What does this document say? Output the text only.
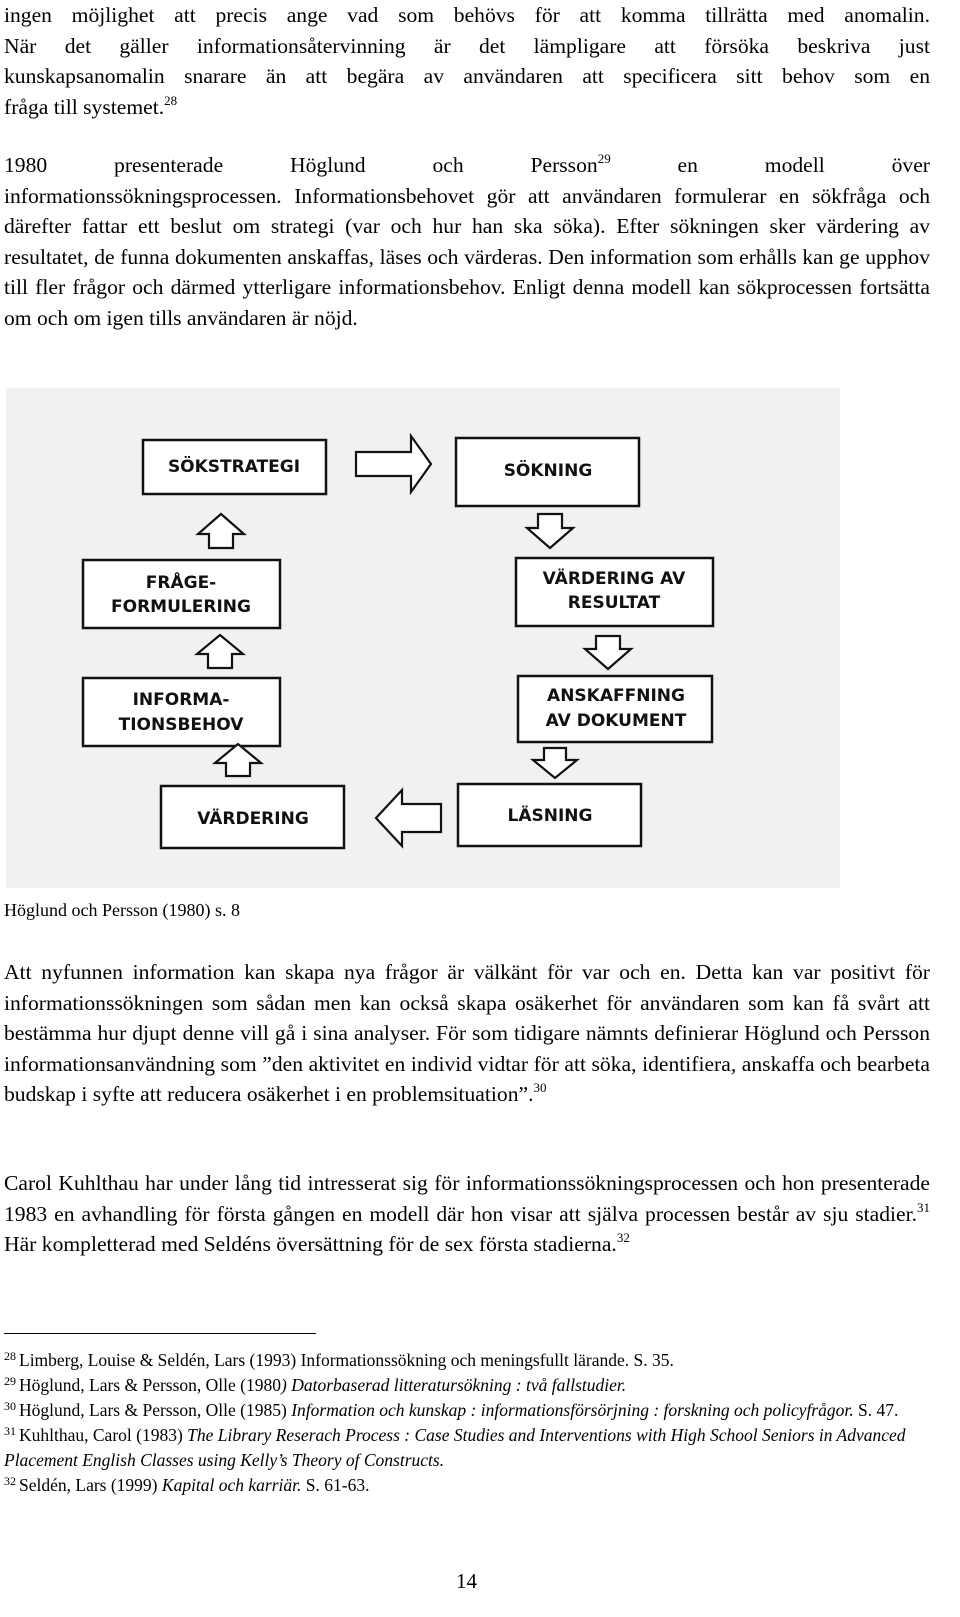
ingen möjlighet att precis ange vad som behövs för att komma tillrätta med anomalin.
När det gäller informationsåtervinning är det lämpligare att försöka beskriva just
kunskapsanomalin snarare än att begära av användaren att specificera sitt behov som en
fråga till systemet.$^{28}$
1980 presenterade Höglund och Persson$^{29}$ en modell över
informationssökningsprocessen. Informationsbehovet gör att användaren formulerar en sökfråga och därefter fattar ett beslut om strategi (var och hur han ska söka). Efter sökningen sker värdering av resultatet, de funna dokumenten anskaffas, läses och värderas. Den information som erhålls kan ge upphov till fler frågor och därmed ytterligare informationsbehov. Enligt denna modell kan sökprocessen fortsätta om och om igen tills användaren är nöjd.
SÖKSTRATEGI	SÖKNING
FRÅGE-
FORMULERING
VÄRDERING AV
RESULTAT
INFORMA-
TIONSBEHOV
ANSKAFFNING
AV DOKUMENT
VÄRDERING	LÄSNING
Höglund och Persson (1980) s. 8
Att nyfunnen information kan skapa nya frågor är välkänt för var och en. Detta kan var positivt för informationssökningen som sådan men kan också skapa osäkerhet för användaren som kan få svårt att bestämma hur djupt denne vill gå i sina analyser. För som tidigare nämnts definierar Höglund och Persson informationsanvändning som ”den aktivitet en individ vidtar för att söka, identifiera, anskaffa och bearbeta budskap i syfte att reducera osäkerhet i en problemsituation”.$^{30}$
Carol Kuhlthau har under lång tid intresserat sig för informationssökningsprocessen och hon presenterade 1983 en avhandling för första gången en modell där hon visar att själva processen består av sju stadier.$^{31}$ Här kompletterad med Seldéns översättning för de sex första stadierna.$^{32}$

$^{28}$ Limberg, Louise & Seldén, Lars (1993) Informationssökning och meningsfullt lärande. S. 35.

$^{29}$ Höglund, Lars & Persson, Olle (1980) Datorbaserad litteratursökning : två fallstudier.

$^{30}$ Höglund, Lars & Persson, Olle (1985) Information och kunskap : informationsförsörjning : forskning och policyfrågor. S. 47.

$^{31}$ Kuhlthau, Carol (1983) The Library Reserach Process : Case Studies and Interventions with High School Seniors in Advanced Placement English Classes using Kelly’s Theory of Constructs.

$^{32}$ Seldén, Lars (1999) Kapital och karriär. S. 61-63.

14
